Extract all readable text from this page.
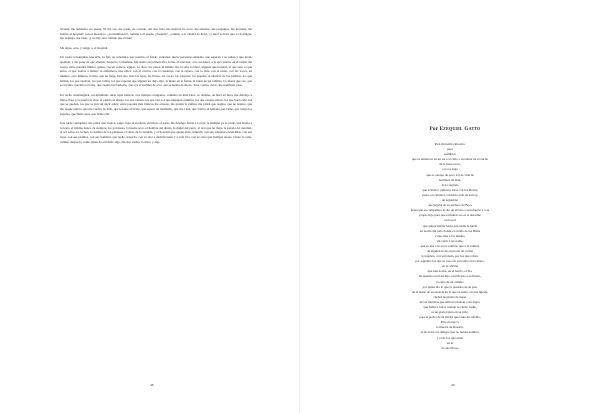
levanta, me tambalea, no puede. Ni me ves, me pasas, de costado, del otro lado, me mueves no poco, me enrollas, me preguntas, me levantas, me sientas al hospital: con el mosotros, ¿acostumbrado?, camino a él puede, ¿despide?, ¿camino a ti, ciudad de días?, ¿y uno? la hora que, la nostalgia, me detengo, me visto, ¡y no hay otro camino que el mío!

Me dejas, solo, y vengo a, el hospital.

Un rostro rectangular, una silla, su filo, su cobertura, tres puertas, al fondo, ventanas, nueve personas sentadas, que esperan y se callan y que giran, apuntan, y sin parar de que abunda, despacio, la mañana. Me siento en primera fila, frente al televisor, a la corredera, a la otra puerta, en el centro del rostro, entre paredes mimos, grises, crecen colores, agujas. Lo abro, los pasos, el mismo día, la sala, la barra, alguien que bosteza, el que sale, el que entra, el que vuelve a llamar; la enfermera, una chica, con el carrito, con el cuaderno, con la espera, con la lista, con el turno, con las voces, un número, otro número, el mío, que no llega. Del otro lado las rejas, las llaves, las voces, las carpetas, los papeles, el silencio de los pasillos, los que firman, los que cuentan, los que callan, los que esperan que alguien les diga algo, la mano en la frente, la bolsa en las rodillas, la cabeza que cae, que se levanta, que mira el reloj, que cuenta las baldosas, que oye el nombre de otro, que se sienta de nuevo. Tres, cuatro, cinco, me nombran, paso.

Un techo cuadrangular, un murmullo, unas rejas blancas, tres tiempos arrugados, caminos en intervalos, se detiene, de hora en hora, me detengo a mirar. Paso y la puerta se abre, el pasillo se alarga, los que vienen, los que van, los que empujan camillas, los que cargan sobres, los que traen café, los que se quedan, los que se van sin decir adiós; entre paredes más blancas me acuesto, me quitan la camisa, me piden que respire, que no respire, que me quede quieto, que me vuelva de lado, que levante el brazo, que espere un momento, que me vista, que vuelva la semana que viene, que traiga los papeles, que firme aquí, que firme allá.

Una tarde cualquiera, me piden que vuelva, salgo, bajo la escalera, atravieso el patio, me detengo frente a la reja, la mañana ya es tarde, una sirena a lo lejos, el mismo banco de siempre, los gorriones, la fuente seca, el hombre del diario, la mujer del perro, el taxi que no llega, la parada del autobús, el sol sobre los techos, la sombra de los plátanos, el ruido de la avenida, y el hospital que queda atrás, inmóvil, con sus ventanas encendidas, con sus rejas, con sus pasillos, con sus nombres que nadie recuerda, con su olor a desinfectante y a café frío, con su reloj que siempre atrasa. Cruzo la calle, camino despacio, como quien ha olvidado algo, me doy vuelta, lo miro, y sigo.

48
Por Ezequiel Gatto
Para mi hermo Rosario,
pues
sufilípico
que es embarcar en un saco al cielo o escalerar en el ancho
de la linea el río,
a no es sugo
que es cuerpo de poco sol de vida de
hombres de Oda,
de la sagrada
que ecléctico pidieron estar con los mortos
justos en cabriera, ocultado ardo de su hoy,
un argentino
que jugaba de su anchico de Boca
hasta que su compañero le dio un abrazo a su infancia y a su
propio hijo para que el mundo no se le desarme
en la red
que quiere hablar hasta que nadie le hable
en noche del palo donde el olvido de las Balas
y que ama a los mudos,
sin venir a ser nadie,
que es una voz en la sombra, que a la sombra
de alguien le dio un trono de cartón
tronquista, con su boleto, por los que roban,
por aquellos los que se van con su boleto en la mano,
en la oficina
que una noche, en el barrio, el día,
ha querido en él un hijo, sacrificado a su futuro,
la cuna de un camino
por quien dio lo que le quedaba de su pan,
de la mano de su escuela en la que se sentó, en una iglesia,
ciudad de planta de mesa,
de las marchas que emborrachaban a sus hijos,
que habla a todos cuando se rinde, nadie,
es un gran pájaro en su nido,
para el pecho de su madre que tanto ha sufrido,
Para un barco,
la muerte de Rosario,
el de todos los amigos que no tienen nombre,
y el de los que están
en el
de sus libros.
49
